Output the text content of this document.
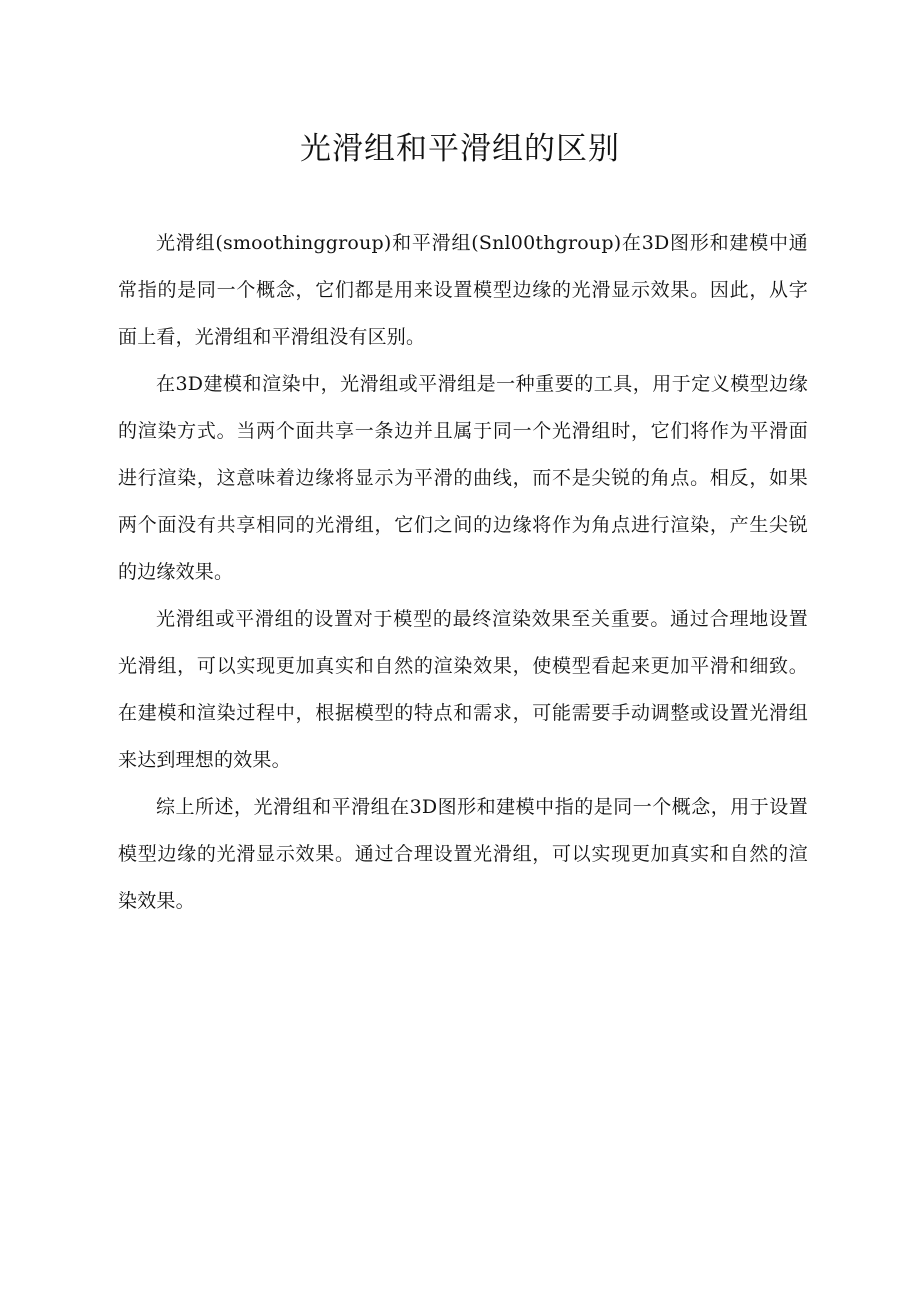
光滑组和平滑组的区别

光滑组(smoothinggroup)和平滑组(Snl00thgroup)在3D图形和建模中通常指的是同一个概念，它们都是用来设置模型边缘的光滑显示效果。因此，从字面上看，光滑组和平滑组没有区别。

在3D建模和渲染中，光滑组或平滑组是一种重要的工具，用于定义模型边缘的渲染方式。当两个面共享一条边并且属于同一个光滑组时，它们将作为平滑面进行渲染，这意味着边缘将显示为平滑的曲线，而不是尖锐的角点。相反，如果两个面没有共享相同的光滑组，它们之间的边缘将作为角点进行渲染，产生尖锐的边缘效果。

光滑组或平滑组的设置对于模型的最终渲染效果至关重要。通过合理地设置光滑组，可以实现更加真实和自然的渲染效果，使模型看起来更加平滑和细致。在建模和渲染过程中，根据模型的特点和需求，可能需要手动调整或设置光滑组来达到理想的效果。

综上所述，光滑组和平滑组在3D图形和建模中指的是同一个概念，用于设置模型边缘的光滑显示效果。通过合理设置光滑组，可以实现更加真实和自然的渲染效果。
